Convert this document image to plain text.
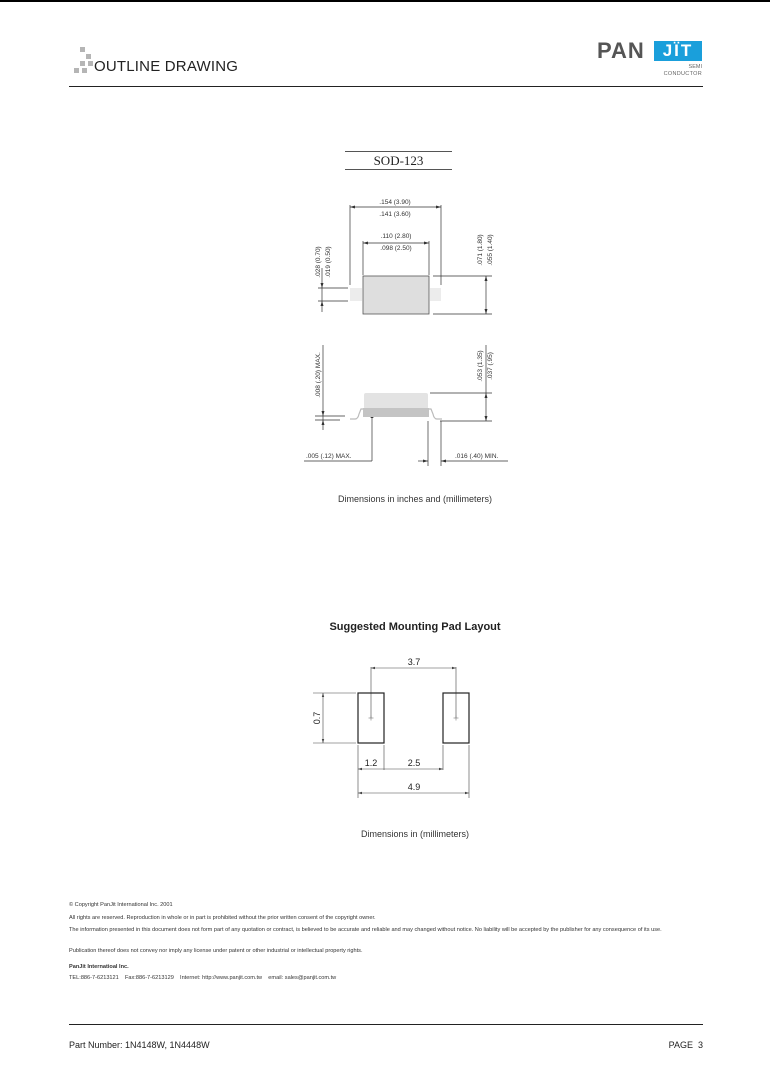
OUTLINE DRAWING
PAN	JÏT
SEMI
CONDUCTOR
SOD-123
.154 (3.90)
.141 (3.60)
.110 (2.80)
.098 (2.50)
.028 (0.70) .019 (0.50)	.071 (1.80) .055 (1.40)
.008 (.20) MAX.	.053 (1.35) .037 (.95)
.005 (.12) MAX.	.016 (.40) MIN.
Dimensions in inches and (millimeters)
Suggested Mounting Pad Layout
3.7
0.7
1.2	2.5
4.9
Dimensions in (millimeters)
© Copyright PanJit International Inc. 2001
All rights are reserved. Reproduction in whole or in part is prohibited without the prior written consent of the copyright owner.
The information presented in this document does not form part of any quotation or contract, is believed to be accurate and reliable and may changed without notice. No liability will be accepted by the publisher for any consequence of its use.
Publication thereof does not convey nor imply any license under patent or other industrial or intellectual property rights.
PanJit Internatioal Inc.
TEL:886-7-6213121    Fax:886-7-6213129    Internet: http://www.panjit.com.tw    email: sales@panjit.com.tw
Part Number: 1N4148W, 1N4448W	PAGE  3
